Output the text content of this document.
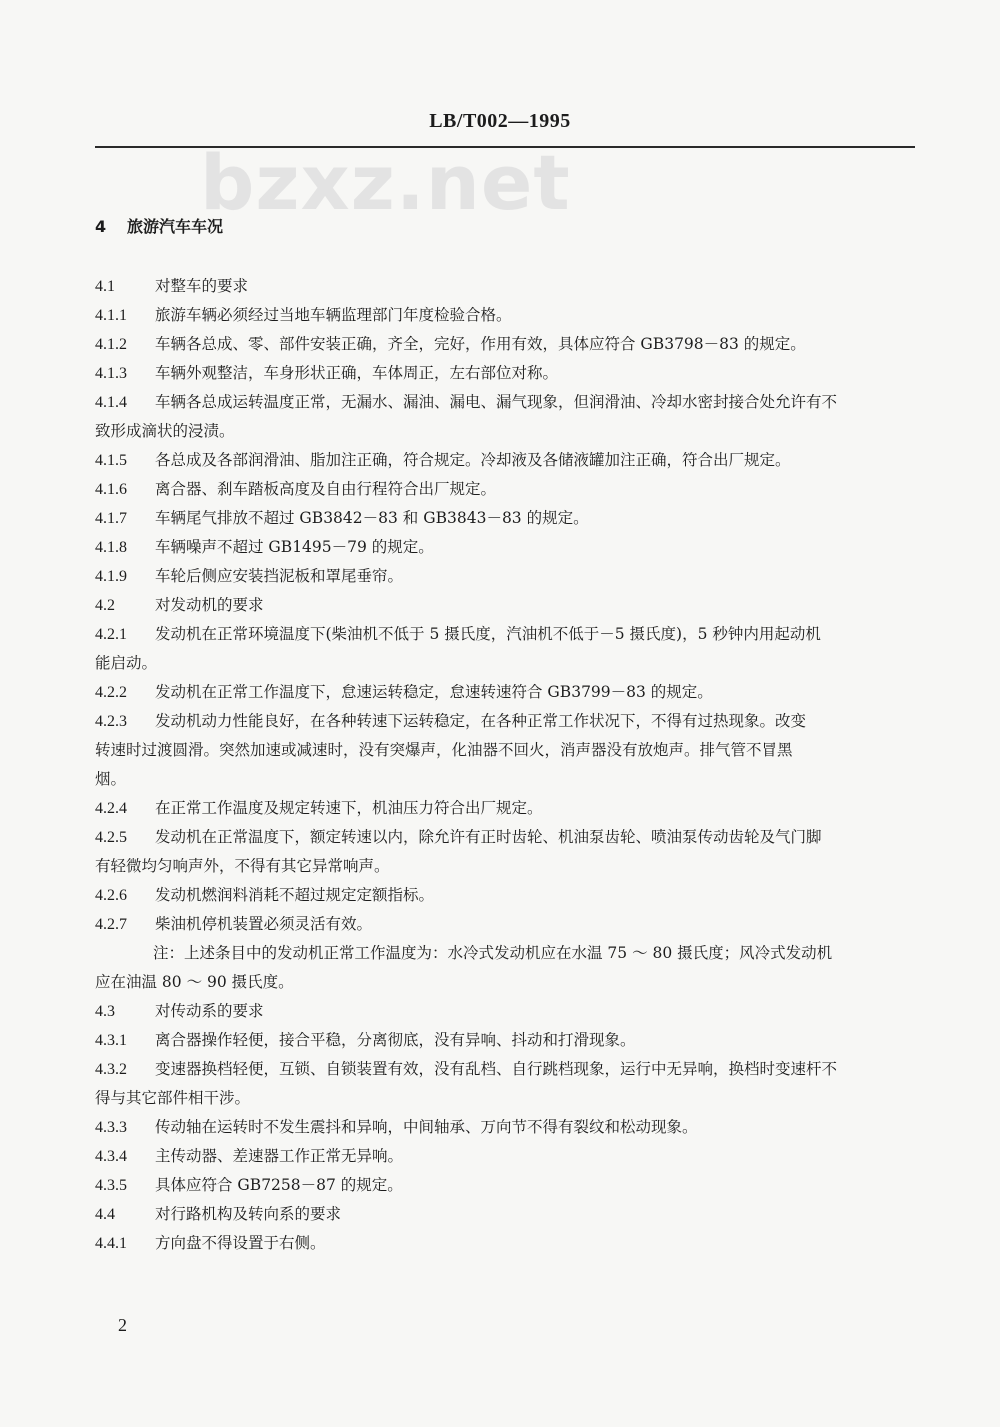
LB/T002—1995
bzxz.net
4 旅游汽车车况
4.1	对整车的要求
4.1.1 旅游车辆必须经过当地车辆监理部门年度检验合格。
4.1.2 车辆各总成、零、部件安装正确，齐全，完好，作用有效，具体应符合 GB3798－83 的规定。
4.1.3 车辆外观整洁，车身形状正确，车体周正，左右部位对称。
4.1.4 车辆各总成运转温度正常，无漏水、漏油、漏电、漏气现象，但润滑油、冷却水密封接合处允许有不
致形成滴状的浸渍。
4.1.5 各总成及各部润滑油、脂加注正确，符合规定。冷却液及各储液罐加注正确，符合出厂规定。
4.1.6 离合器、刹车踏板高度及自由行程符合出厂规定。
4.1.7 车辆尾气排放不超过 GB3842－83 和 GB3843－83 的规定。
4.1.8 车辆噪声不超过 GB1495－79 的规定。
4.1.9 车轮后侧应安装挡泥板和罩尾垂帘。
4.2	对发动机的要求
4.2.1 发动机在正常环境温度下(柴油机不低于 5 摄氏度，汽油机不低于－5 摄氏度)，5 秒钟内用起动机
能启动。
4.2.2 发动机在正常工作温度下，怠速运转稳定，怠速转速符合 GB3799－83 的规定。
4.2.3 发动机动力性能良好，在各种转速下运转稳定，在各种正常工作状况下，不得有过热现象。改变
转速时过渡圆滑。突然加速或减速时，没有突爆声，化油器不回火，消声器没有放炮声。排气管不冒黑
烟。
4.2.4 在正常工作温度及规定转速下，机油压力符合出厂规定。
4.2.5 发动机在正常温度下，额定转速以内，除允许有正时齿轮、机油泵齿轮、喷油泵传动齿轮及气门脚
有轻微均匀响声外，不得有其它异常响声。
4.2.6 发动机燃润料消耗不超过规定定额指标。
4.2.7 柴油机停机装置必须灵活有效。
注：上述条目中的发动机正常工作温度为：水冷式发动机应在水温 75 ～ 80 摄氏度；风冷式发动机
应在油温 80 ～ 90 摄氏度。
4.3	对传动系的要求
4.3.1 离合器操作轻便，接合平稳，分离彻底，没有异响、抖动和打滑现象。
4.3.2 变速器换档轻便，互锁、自锁装置有效，没有乱档、自行跳档现象，运行中无异响，换档时变速杆不
得与其它部件相干涉。
4.3.3 传动轴在运转时不发生震抖和异响，中间轴承、万向节不得有裂纹和松动现象。
4.3.4 主传动器、差速器工作正常无异响。
4.3.5 具体应符合 GB7258－87 的规定。
4.4	对行路机构及转向系的要求
4.4.1 方向盘不得设置于右侧。
2
